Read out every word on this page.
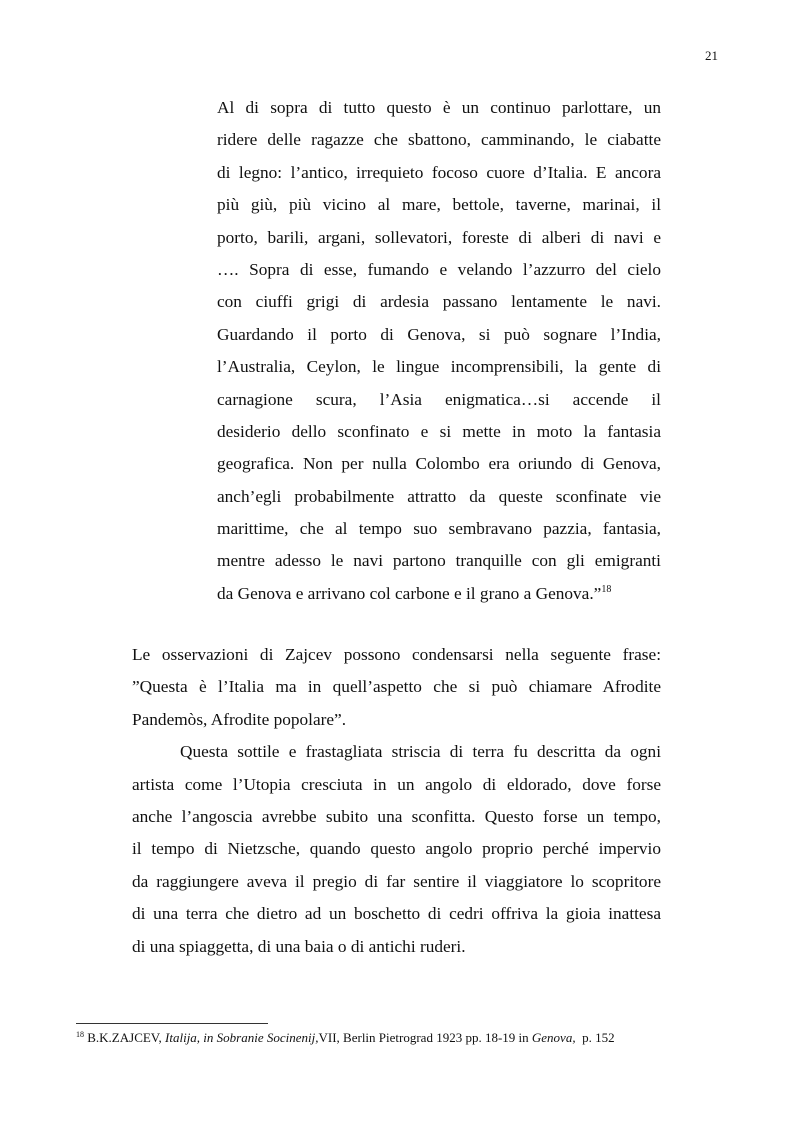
21

Al di sopra di tutto questo è un continuo parlottare, un
ridere delle ragazze che sbattono, camminando, le ciabatte
di legno: l’antico, irrequieto focoso cuore d’Italia. E ancora
più giù, più vicino al mare, bettole, taverne, marinai, il
porto, barili, argani, sollevatori, foreste di alberi di navi e
…. Sopra di esse, fumando e velando l’azzurro del cielo
con ciuffi grigi di ardesia passano lentamente le navi.
Guardando il porto di Genova, si può sognare l’India,
l’Australia, Ceylon, le lingue incomprensibili, la gente di
carnagione scura, l’Asia enigmatica…si accende il
desiderio dello sconfinato e si mette in moto la fantasia
geografica. Non per nulla Colombo era oriundo di Genova,
anch’egli probabilmente attratto da queste sconfinate vie
marittime, che al tempo suo sembravano pazzia, fantasia,
mentre adesso le navi partono tranquille con gli emigranti
da Genova e arrivano col carbone e il grano a Genova.”$^{18}$

Le osservazioni di Zajcev possono condensarsi nella seguente frase:
”Questa è l’Italia ma in quell’aspetto che si può chiamare Afrodite
Pandemòs, Afrodite popolare”.

Questa sottile e frastagliata striscia di terra fu descritta da ogni
artista come l’Utopia cresciuta in un angolo di eldorado, dove forse
anche l’angoscia avrebbe subito una sconfitta. Questo forse un tempo,
il tempo di Nietzsche, quando questo angolo proprio perché impervio
da raggiungere aveva il pregio di far sentire il viaggiatore lo scopritore
di una terra che dietro ad un boschetto di cedri offriva la gioia inattesa
di una spiaggetta, di una baia o di antichi ruderi.

$^{18}$ B.K.ZAJCEV, Italija, in Sobranie Socinenij,VII, Berlin Pietrograd 1923 pp. 18-19 in Genova, p. 152
